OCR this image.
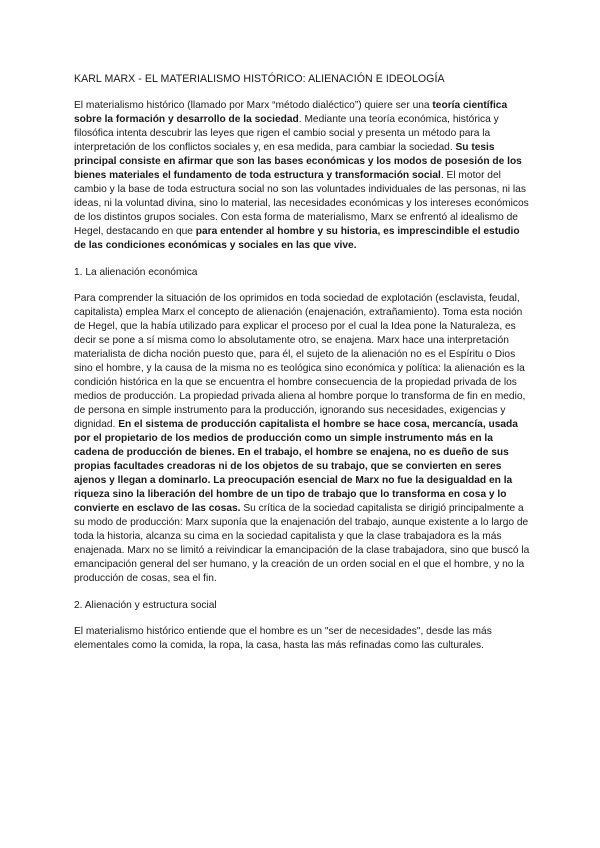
KARL MARX - EL MATERIALISMO HISTÓRICO: ALIENACIÓN E IDEOLOGÍA

El materialismo histórico (llamado por Marx “método dialéctico”) quiere ser una teoría científica sobre la formación y desarrollo de la sociedad. Mediante una teoría económica, histórica y filosófica intenta descubrir las leyes que rigen el cambio social y presenta un método para la interpretación de los conflictos sociales y, en esa medida, para cambiar la sociedad. Su tesis principal consiste en afirmar que son las bases económicas y los modos de posesión de los bienes materiales el fundamento de toda estructura y transformación social. El motor del cambio y la base de toda estructura social no son las voluntades individuales de las personas, ni las ideas, ni la voluntad divina, sino lo material, las necesidades económicas y los intereses económicos de los distintos grupos sociales. Con esta forma de materialismo, Marx se enfrentó al idealismo de Hegel, destacando en que para entender al hombre y su historia, es imprescindible el estudio de las condiciones económicas y sociales en las que vive.

1. La alienación económica

Para comprender la situación de los oprimidos en toda sociedad de explotación (esclavista, feudal, capitalista) emplea Marx el concepto de alienación (enajenación, extrañamiento). Toma esta noción de Hegel, que la había utilizado para explicar el proceso por el cual la Idea pone la Naturaleza, es decir se pone a sí misma como lo absolutamente otro, se enajena. Marx hace una interpretación materialista de dicha noción puesto que, para él, el sujeto de la alienación no es el Espíritu o Dios sino el hombre, y la causa de la misma no es teológica sino económica y política: la alienación es la condición histórica en la que se encuentra el hombre consecuencia de la propiedad privada de los medios de producción. La propiedad privada aliena al hombre porque lo transforma de fin en medio, de persona en simple instrumento para la producción, ignorando sus necesidades, exigencias y dignidad. En el sistema de producción capitalista el hombre se hace cosa, mercancía, usada por el propietario de los medios de producción como un simple instrumento más en la cadena de producción de bienes. En el trabajo, el hombre se enajena, no es dueño de sus propias facultades creadoras ni de los objetos de su trabajo, que se convierten en seres ajenos y llegan a dominarlo. La preocupación esencial de Marx no fue la desigualdad en la riqueza sino la liberación del hombre de un tipo de trabajo que lo transforma en cosa y lo convierte en esclavo de las cosas. Su crítica de la sociedad capitalista se dirigió principalmente a su modo de producción: Marx suponía que la enajenación del trabajo, aunque existente a lo largo de toda la historia, alcanza su cima en la sociedad capitalista y que la clase trabajadora es la más enajenada. Marx no se limitó a reivindicar la emancipación de la clase trabajadora, sino que buscó la emancipación general del ser humano, y la creación de un orden social en el que el hombre, y no la producción de cosas, sea el fin.

2. Alienación y estructura social

El materialismo histórico entiende que el hombre es un "ser de necesidades", desde las más elementales como la comida, la ropa, la casa, hasta las más refinadas como las culturales.
